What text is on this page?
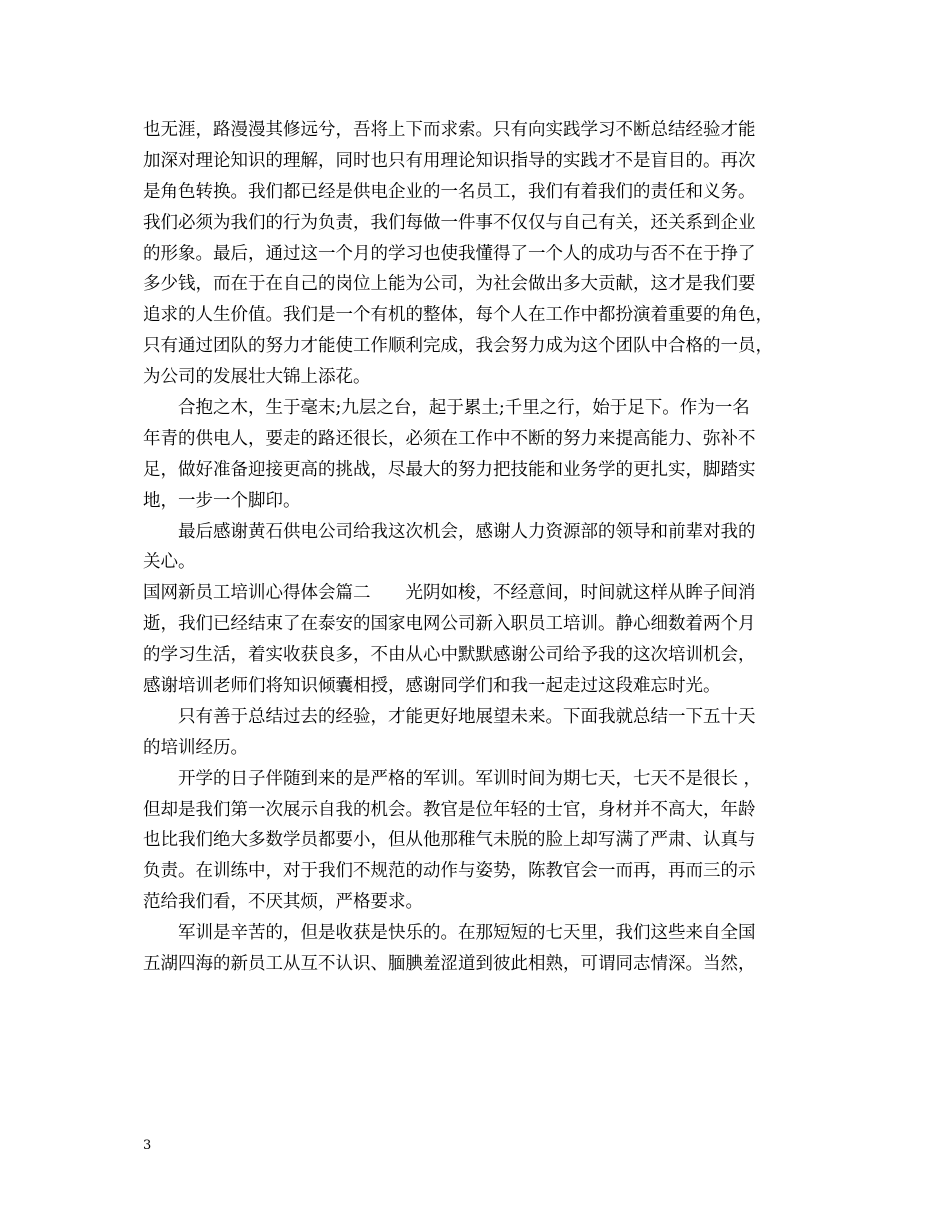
也无涯，路漫漫其修远兮，吾将上下而求索。只有向实践学习不断总结经验才能
加深对理论知识的理解，同时也只有用理论知识指导的实践才不是盲目的。再次
是角色转换。我们都已经是供电企业的一名员工，我们有着我们的责任和义务。
我们必须为我们的行为负责，我们每做一件事不仅仅与自己有关，还关系到企业
的形象。最后，通过这一个月的学习也使我懂得了一个人的成功与否不在于挣了
多少钱，而在于在自己的岗位上能为公司，为社会做出多大贡献，这才是我们要
追求的人生价值。我们是一个有机的整体，每个人在工作中都扮演着重要的角色，
只有通过团队的努力才能使工作顺利完成，我会努力成为这个团队中合格的一员，
为公司的发展壮大锦上添花。
　　合抱之木，生于毫末;九层之台，起于累土;千里之行，始于足下。作为一名
年青的供电人，要走的路还很长，必须在工作中不断的努力来提高能力、弥补不
足，做好准备迎接更高的挑战，尽最大的努力把技能和业务学的更扎实，脚踏实
地，一步一个脚印。
　　最后感谢黄石供电公司给我这次机会，感谢人力资源部的领导和前辈对我的
关心。
国网新员工培训心得体会篇二　　光阴如梭，不经意间，时间就这样从眸子间消
逝，我们已经结束了在泰安的国家电网公司新入职员工培训。静心细数着两个月
的学习生活，着实收获良多，不由从心中默默感谢公司给予我的这次培训机会，
感谢培训老师们将知识倾囊相授，感谢同学们和我一起走过这段难忘时光。
　　只有善于总结过去的经验，才能更好地展望未来。下面我就总结一下五十天
的培训经历。
　　开学的日子伴随到来的是严格的军训。军训时间为期七天，七天不是很长 ，
但却是我们第一次展示自我的机会。教官是位年轻的士官，身材并不高大，年龄
也比我们绝大多数学员都要小，但从他那稚气未脱的脸上却写满了严肃、认真与
负责。在训练中，对于我们不规范的动作与姿势，陈教官会一而再，再而三的示
范给我们看，不厌其烦，严格要求。
　　军训是辛苦的，但是收获是快乐的。在那短短的七天里，我们这些来自全国
五湖四海的新员工从互不认识、腼腆羞涩道到彼此相熟，可谓同志情深。当然，
3
